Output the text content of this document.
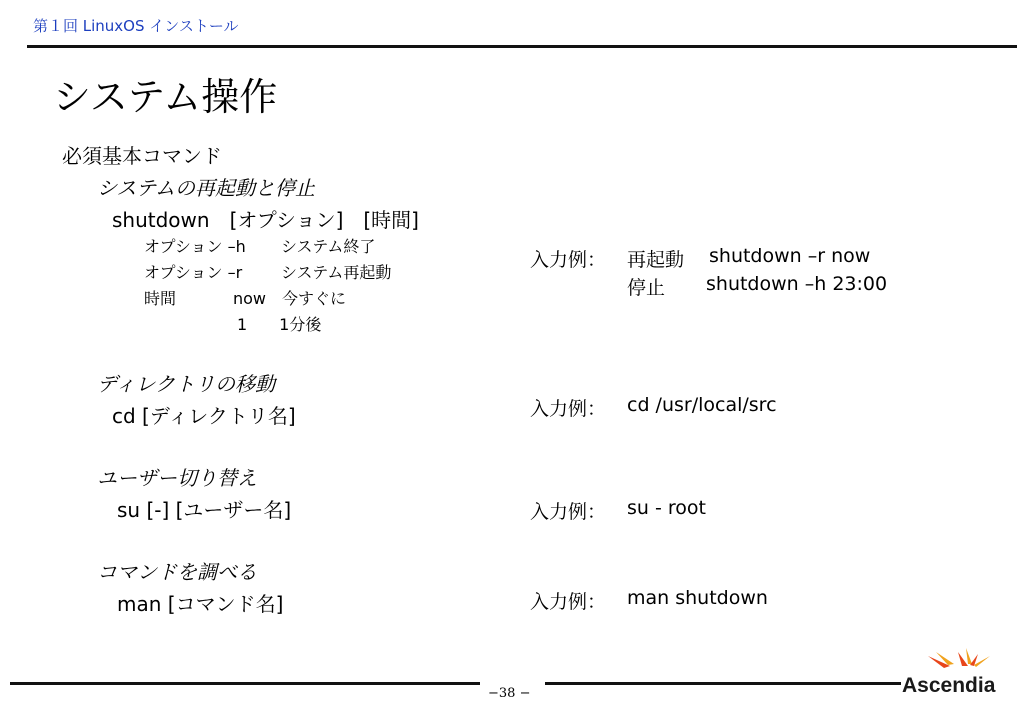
第１回 LinuxOS インストール
システム操作
必須基本コマンド
システムの再起動と停止
shutdown　[オプション]　[時間]
オプション –h システム終了
オプション –r システム再起動
時間	now　今すぐに
1　　1分後
入力例： 再起動 shutdown –r now
停止 shutdown –h 23:00
ディレクトリの移動
cd [ディレクトリ名]	入力例： cd /usr/local/src
ユーザー切り替え
su [-] [ユーザー名]	入力例： su - root
コマンドを調べる
man [コマンド名]	入力例： man shutdown
−38 −	Ascendia
